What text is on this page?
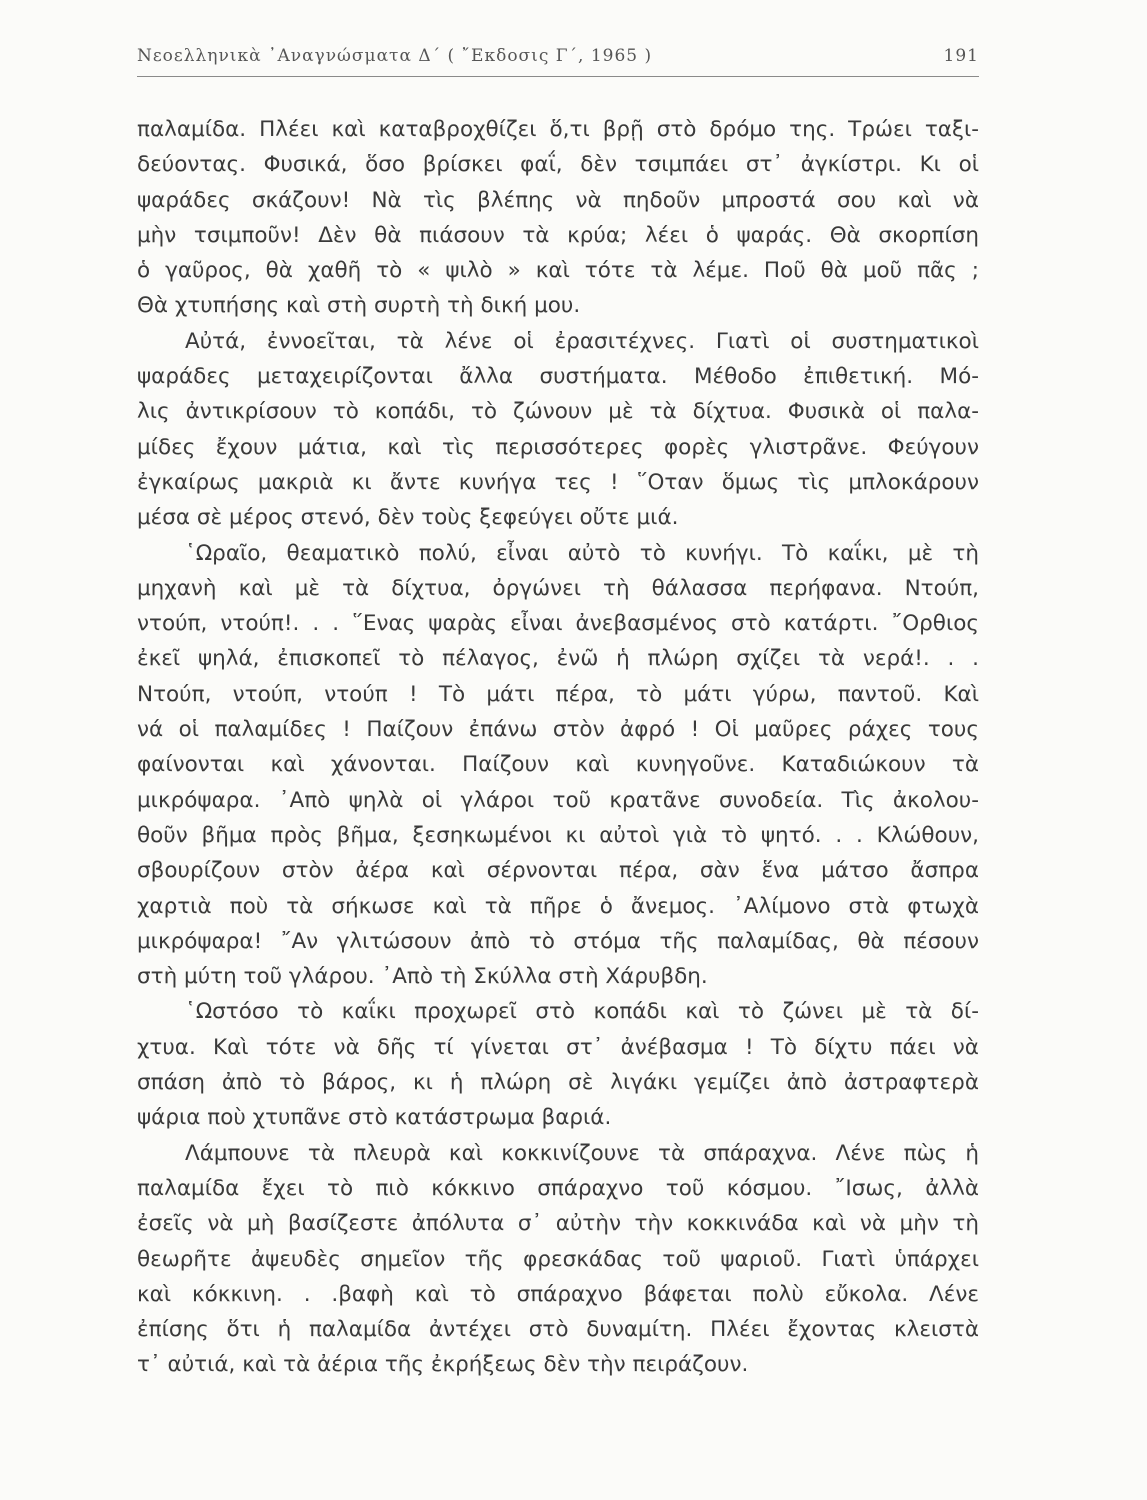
Νεοελληνικὰ ᾿Αναγνώσματα Δ΄ ( ῎Εκδοσις Γ΄, 1965 )	191
παλαμίδα. Πλέει καὶ καταβροχθίζει ὅ,τι βρῇ στὸ δρόμο της. Τρώει ταξι-
δεύοντας. Φυσικά, ὅσο βρίσκει φαΐ, δὲν τσιμπάει στ᾿ ἀγκίστρι. Κι οἱ
ψαράδες σκάζουν! Νὰ τὶς βλέπης νὰ πηδοῦν μπροστά σου καὶ νὰ
μὴν τσιμποῦν! Δὲν θὰ πιάσουν τὰ κρύα; λέει ὁ ψαράς. Θὰ σκορπίση
ὁ γαῦρος, θὰ χαθῆ τὸ « ψιλὸ » καὶ τότε τὰ λέμε. Ποῦ θὰ μοῦ πᾶς ;
Θὰ χτυπήσης καὶ στὴ συρτὴ τὴ δική μου.
Αὐτά, ἐννοεῖται, τὰ λένε οἱ ἐρασιτέχνες. Γιατὶ οἱ συστηματικοὶ
ψαράδες μεταχειρίζονται ἄλλα συστήματα. Μέθοδο ἐπιθετική. Μό-
λις ἀντικρίσουν τὸ κοπάδι, τὸ ζώνουν μὲ τὰ δίχτυα. Φυσικὰ οἱ παλα-
μίδες ἔχουν μάτια, καὶ τὶς περισσότερες φορὲς γλιστρᾶνε. Φεύγουν
ἐγκαίρως μακριὰ κι ἄντε κυνήγα τες ! ῞Οταν ὅμως τὶς μπλοκάρουν
μέσα σὲ μέρος στενό, δὲν τοὺς ξεφεύγει οὔτε μιά.
῾Ωραῖο, θεαματικὸ πολύ, εἶναι αὐτὸ τὸ κυνήγι. Τὸ καΐκι, μὲ τὴ
μηχανὴ καὶ μὲ τὰ δίχτυα, ὀργώνει τὴ θάλασσα περήφανα. Ντούπ,
ντούπ, ντούπ!. . . ῞Ενας ψαρὰς εἶναι ἀνεβασμένος στὸ κατάρτι. ῎Ορθιος
ἐκεῖ ψηλά, ἐπισκοπεῖ τὸ πέλαγος, ἐνῶ ἡ πλώρη σχίζει τὰ νερά!. . .
Ντούπ, ντούπ, ντούπ ! Τὸ μάτι πέρα, τὸ μάτι γύρω, παντοῦ. Καὶ
νά οἱ παλαμίδες ! Παίζουν ἐπάνω στὸν ἀφρό ! Οἱ μαῦρες ράχες τους
φαίνονται καὶ χάνονται. Παίζουν καὶ κυνηγοῦνε. Καταδιώκουν τὰ
μικρόψαρα. ᾿Απὸ ψηλὰ οἱ γλάροι τοῦ κρατᾶνε συνοδεία. Τὶς ἀκολου-
θοῦν βῆμα πρὸς βῆμα, ξεσηκωμένοι κι αὐτοὶ γιὰ τὸ ψητό. . . Κλώθουν,
σβουρίζουν στὸν ἀέρα καὶ σέρνονται πέρα, σὰν ἕνα μάτσο ἄσπρα
χαρτιὰ ποὺ τὰ σήκωσε καὶ τὰ πῆρε ὁ ἄνεμος. ᾿Αλίμονο στὰ φτωχὰ
μικρόψαρα! ῎Αν γλιτώσουν ἀπὸ τὸ στόμα τῆς παλαμίδας, θὰ πέσουν
στὴ μύτη τοῦ γλάρου. ᾿Απὸ τὴ Σκύλλα στὴ Χάρυβδη.
῾Ωστόσο τὸ καΐκι προχωρεῖ στὸ κοπάδι καὶ τὸ ζώνει μὲ τὰ δί-
χτυα. Καὶ τότε νὰ δῆς τί γίνεται στ᾿ ἀνέβασμα ! Τὸ δίχτυ πάει νὰ
σπάση ἀπὸ τὸ βάρος, κι ἡ πλώρη σὲ λιγάκι γεμίζει ἀπὸ ἀστραφτερὰ
ψάρια ποὺ χτυπᾶνε στὸ κατάστρωμα βαριά.
Λάμπουνε τὰ πλευρὰ καὶ κοκκινίζουνε τὰ σπάραχνα. Λένε πὼς ἡ
παλαμίδα ἔχει τὸ πιὸ κόκκινο σπάραχνο τοῦ κόσμου. ῎Ισως, ἀλλὰ
ἐσεῖς νὰ μὴ βασίζεστε ἀπόλυτα σ᾿ αὐτὴν τὴν κοκκινάδα καὶ νὰ μὴν τὴ
θεωρῆτε ἀψευδὲς σημεῖον τῆς φρεσκάδας τοῦ ψαριοῦ. Γιατὶ ὑπάρχει
καὶ κόκκινη. . .βαφὴ καὶ τὸ σπάραχνο βάφεται πολὺ εὔκολα. Λένε
ἐπίσης ὅτι ἡ παλαμίδα ἀντέχει στὸ δυναμίτη. Πλέει ἔχοντας κλειστὰ
τ᾿ αὐτιά, καὶ τὰ ἀέρια τῆς ἐκρήξεως δὲν τὴν πειράζουν.
